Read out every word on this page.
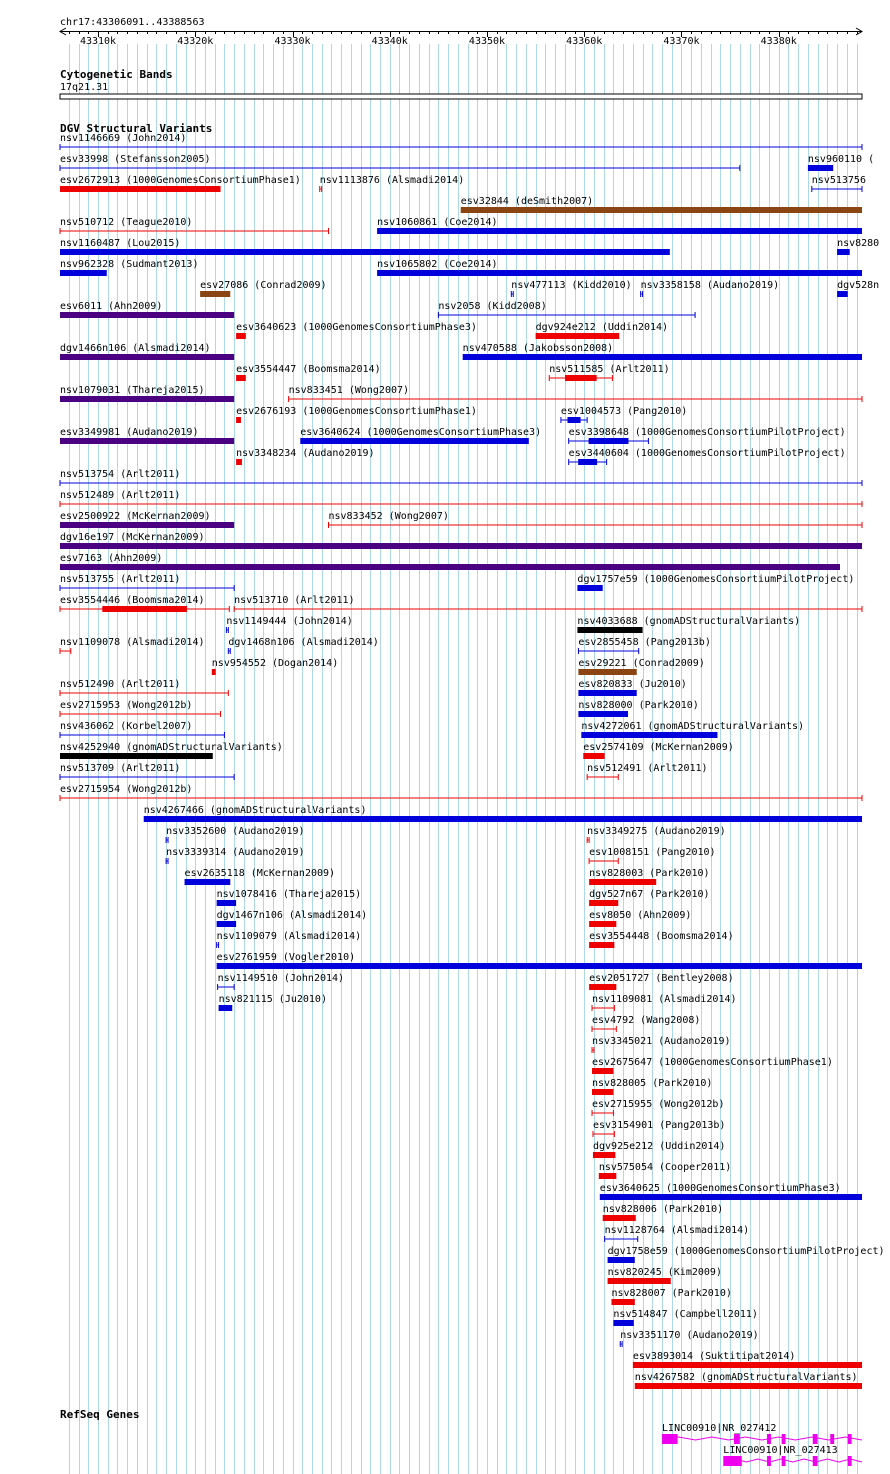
chr17:43306091..43388563
43310k	43320k	43330k	43340k	43350k	43360k	43370k	43380k
Cytogenetic Bands
17q21.31
DGV Structural Variants
nsv1146669 (John2014)
esv33998 (Stefansson2005)	nsv960110 (
esv2672913 (1000GenomesConsortiumPhase1) nsv1113876 (Alsmadi2014)
esv32844 (deSmith2007)
nsv510712 (Teague2010)	nsv1060861 (Coe2014)
nsv1160487 (Lou2015)
nsv513756
nsv962328 (Sudmant2013)
esv27086 (Conrad2009)
nsv1065802 (Coe2014)
esv6011 (Ahn2009)
esv3640623 (1000GenomesConsortiumPhase3)
nsv477113 (Kidd2010) nsv3358158 (Audano2019)
nsv8280
dgv1466n106 (Alsmadi2014)
esv3554447 (Boomsma2014)
nsv2058 (Kidd2008)
dgv528n
nsv1079031 (Thareja2015)
esv2676193 (1000GenomesConsortiumPhase1)
dgv924e212 (Uddin2014)
esv3349981 (Audano2019)
nsv3348234 (Audano2019)
nsv470588 (Jakobsson2008)
nsv513754 (Arlt2011)
nsv512489 (Arlt2011)
esv2500922 (McKernan2009)
nsv833451 (Wong2007)
dgv16e197 (McKernan2009)
esv7163 (Ahn2009)
nsv513755 (Arlt2011)
esv3640624 (1000GenomesConsortiumPhase3)
nsv511585 (Arlt2011)
esv3554446 (Boomsma2014)
nsv1149444 (John2014)
esv1004573 (Pang2010)
nsv1109078 (Alsmadi2014)
nsv954552 (Dogan2014)
esv3398648 (1000GenomesConsortiumPilotProject)
nsv512490 (Arlt2011)
nsv513710 (Arlt2011)
esv2715953 (Wong2012b)
dgv1468n106 (Alsmadi2014)
esv3440604 (1000GenomesConsortiumPilotProject)
nsv436062 (Korbel2007)
nsv833452 (Wong2007)
nsv4252940 (gnomADStructuralVariants)
dgv1757e59 (1000GenomesConsortiumPilotProject)
nsv513709 (Arlt2011)
nsv4033688 (gnomADStructuralVariants)
esv2715954 (Wong2012b)
nsv4267466 (gnomADStructuralVariants)
nsv3352600 (Audano2019)
esv2855458 (Pang2013b)
nsv3339314 (Audano2019)
esv29221 (Conrad2009)
esv2635118 (McKernan2009)
esv820833 (Ju2010)
nsv1078416 (Thareja2015)
nsv828000 (Park2010)
dgv1467n106 (Alsmadi2014)
nsv4272061 (gnomADStructuralVariants)
nsv1109079 (Alsmadi2014)
esv2574109 (McKernan2009)
esv2761959 (Vogler2010)
nsv1149510 (John2014)
nsv512491 (Arlt2011)
nsv821115 (Ju2010)
nsv3349275 (Audano2019)
esv1008151 (Pang2010)
nsv828003 (Park2010)
dgv527n67 (Park2010)
esv8050 (Ahn2009)
esv3554448 (Boomsma2014)
esv2051727 (Bentley2008)
nsv1109081 (Alsmadi2014)
esv4792 (Wang2008)
nsv3345021 (Audano2019)
esv2675647 (1000GenomesConsortiumPhase1)
nsv828005 (Park2010)
esv2715955 (Wong2012b)
esv3154901 (Pang2013b)
dgv925e212 (Uddin2014)
nsv575054 (Cooper2011)
esv3640625 (1000GenomesConsortiumPhase3)
nsv828006 (Park2010)
nsv1128764 (Alsmadi2014)
dgv1758e59 (1000GenomesConsortiumPilotProject)
nsv820245 (Kim2009)
nsv828007 (Park2010)
nsv514847 (Campbell2011)
nsv3351170 (Audano2019)
esv3893014 (Suktitipat2014)
nsv4267582 (gnomADStructuralVariants)
RefSeq Genes
LINC00910|NR_027412
LINC00910|NR_027413
